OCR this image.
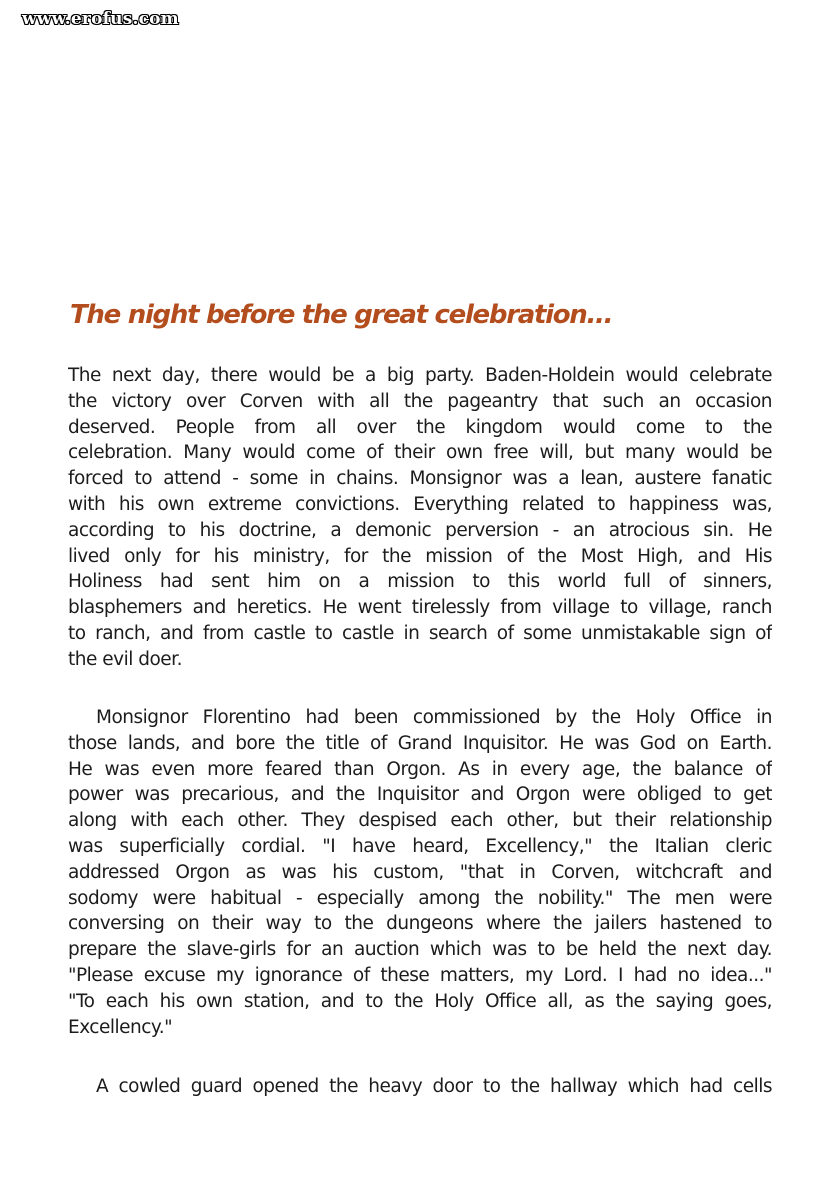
www.erofus.com
The night before the great celebration...
The next day, there would be a big party. Baden-Holdein would celebrate
the victory over Corven with all the pageantry that such an occasion
deserved. People from all over the kingdom would come to the
celebration. Many would come of their own free will, but many would be
forced to attend - some in chains. Monsignor was a lean, austere fanatic
with his own extreme convictions. Everything related to happiness was,
according to his doctrine, a demonic perversion - an atrocious sin. He
lived only for his ministry, for the mission of the Most High, and His
Holiness had sent him on a mission to this world full of sinners,
blasphemers and heretics. He went tirelessly from village to village, ranch
to ranch, and from castle to castle in search of some unmistakable sign of
the evil doer.
Monsignor Florentino had been commissioned by the Holy Office in
those lands, and bore the title of Grand Inquisitor. He was God on Earth.
He was even more feared than Orgon. As in every age, the balance of
power was precarious, and the Inquisitor and Orgon were obliged to get
along with each other. They despised each other, but their relationship
was superficially cordial. "I have heard, Excellency," the Italian cleric
addressed Orgon as was his custom, "that in Corven, witchcraft and
sodomy were habitual - especially among the nobility." The men were
conversing on their way to the dungeons where the jailers hastened to
prepare the slave-girls for an auction which was to be held the next day.
"Please excuse my ignorance of these matters, my Lord. I had no idea..."
"To each his own station, and to the Holy Office all, as the saying goes,
Excellency."
A cowled guard opened the heavy door to the hallway which had cells
